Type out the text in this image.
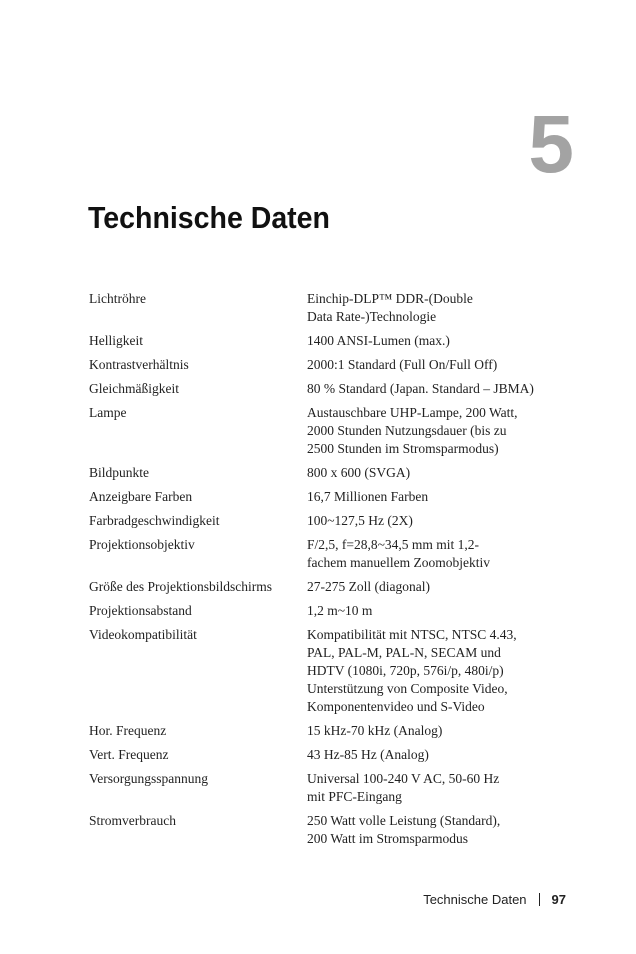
5
Technische Daten
Lichtröhre	Einchip-DLP™ DDR-(Double
Data Rate-)Technologie
Helligkeit	1400 ANSI-Lumen (max.)
Kontrastverhältnis	2000:1 Standard (Full On/Full Off)
Gleichmäßigkeit	80 % Standard (Japan. Standard – JBMA)
Lampe	Austauschbare UHP-Lampe, 200 Watt,
2000 Stunden Nutzungsdauer (bis zu
2500 Stunden im Stromsparmodus)
Bildpunkte	800 x 600 (SVGA)
Anzeigbare Farben	16,7 Millionen Farben
Farbradgeschwindigkeit	100~127,5 Hz (2X)
Projektionsobjektiv	F/2,5, f=28,8~34,5 mm mit 1,2-
fachem manuellem Zoomobjektiv
Größe des Projektionsbildschirms	27-275 Zoll (diagonal)
Projektionsabstand	1,2 m~10 m
Videokompatibilität	Kompatibilität mit NTSC, NTSC 4.43,
PAL, PAL-M, PAL-N, SECAM und
HDTV (1080i, 720p, 576i/p, 480i/p)
Unterstützung von Composite Video,
Komponentenvideo und S-Video
Hor. Frequenz	15 kHz-70 kHz (Analog)
Vert. Frequenz	43 Hz-85 Hz (Analog)
Versorgungsspannung	Universal 100-240 V AC, 50-60 Hz
mit PFC-Eingang
Stromverbrauch	250 Watt volle Leistung (Standard),
200 Watt im Stromsparmodus
Technische Daten 97
